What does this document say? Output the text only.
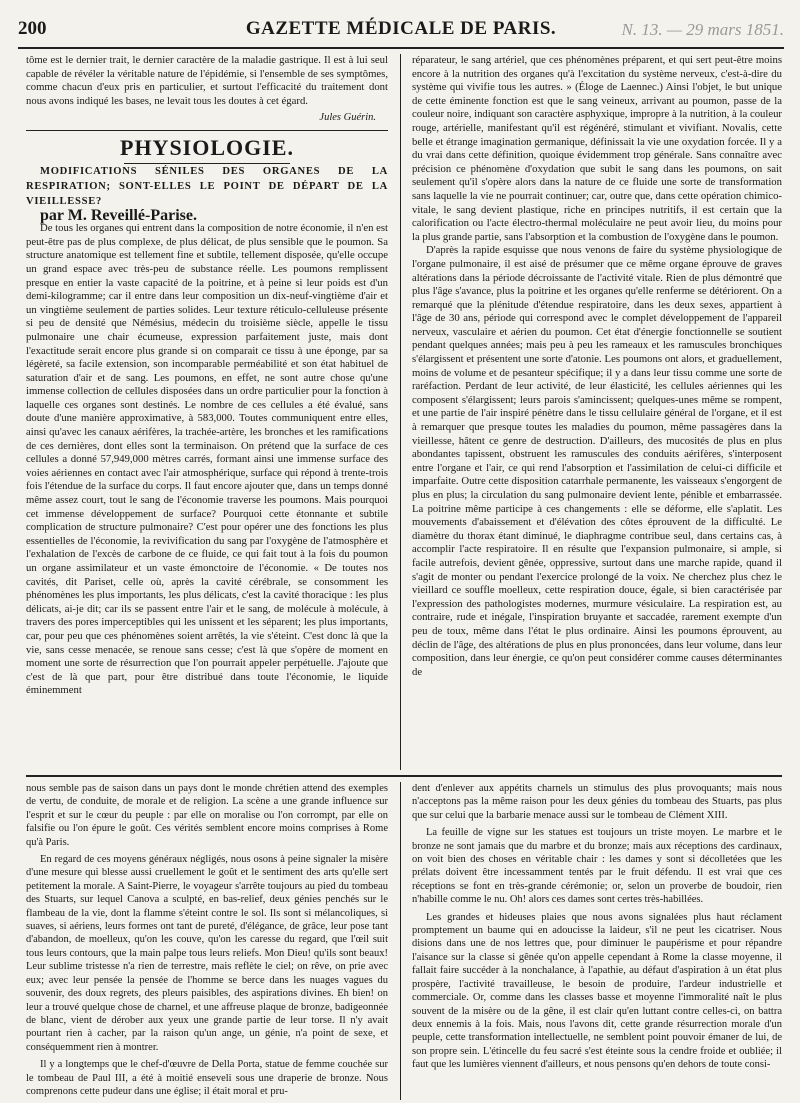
200	GAZETTE MÉDICALE DE PARIS.	N. 13. — 29 mars 1851.

tôme est le dernier trait, le dernier caractère de la maladie gastrique. Il est à lui seul capable de révéler la véritable nature de l'épidémie, si l'ensemble de ses symptômes, comme chacun d'eux pris en particulier, et surtout l'efficacité du traitement dont nous avons indiqué les bases, ne levait tous les doutes à cet égard.

Jules Guérin.
PHYSIOLOGIE.

MODIFICATIONS SÉNILES DES ORGANES DE LA RESPIRATION; SONT-ELLES LE POINT DE DÉPART DE LA VIEILLESSE?

par M. Reveillé-Parise.

De tous les organes qui entrent dans la composition de notre économie, il n'en est peut-être pas de plus complexe, de plus délicat, de plus sensible que le poumon. Sa structure anatomique est tellement fine et subtile, tellement disposée, qu'elle occupe un grand espace avec très-peu de substance réelle. Les poumons remplissent presque en entier la vaste capacité de la poitrine, et à peine si leur poids est d'un demi-kilogramme; car il entre dans leur composition un dix-neuf-vingtième d'air et un vingtième seulement de parties solides. Leur texture réticulo-celluleuse présente si peu de densité que Némésius, médecin du troisième siècle, appelle le tissu pulmonaire une chair écumeuse, expression parfaitement juste, mais dont l'exactitude serait encore plus grande si on comparait ce tissu à une éponge, par sa légèreté, sa facile extension, son incomparable perméabilité et son état habituel de saturation d'air et de sang. Les poumons, en effet, ne sont autre chose qu'une immense collection de cellules disposées dans un ordre particulier pour la fonction à laquelle ces organes sont destinés. Le nombre de ces cellules a été évalué, sans doute d'une manière approximative, à 583,000. Toutes communiquent entre elles, ainsi qu'avec les canaux aérifères, la trachée-artère, les bronches et les ramifications de ces dernières, dont elles sont la terminaison. On prétend que la surface de ces cellules a donné 57,949,000 mètres carrés, formant ainsi une immense surface des voies aériennes en contact avec l'air atmosphérique, surface qui répond à trente-trois fois l'étendue de la surface du corps. Il faut encore ajouter que, dans un temps donné même assez court, tout le sang de l'économie traverse les poumons. Mais pourquoi cet immense développement de surface? Pourquoi cette étonnante et subtile complication de structure pulmonaire? C'est pour opérer une des fonctions les plus essentielles de l'économie, la revivification du sang par l'oxygène de l'atmosphère et l'exhalation de l'excès de carbone de ce fluide, ce qui fait tout à la fois du poumon un organe assimilateur et un vaste émonctoire de l'économie. « De toutes nos cavités, dit Pariset, celle où, après la cavité cérébrale, se consomment les phénomènes les plus importants, les plus délicats, c'est la cavité thoracique : les plus délicats, ai-je dit; car ils se passent entre l'air et le sang, de molécule à molécule, à travers des pores imperceptibles qui les unissent et les séparent; les plus importants, car, pour peu que ces phénomènes soient arrêtés, la vie s'éteint. C'est donc là que la vie, sans cesse menacée, se renoue sans cesse; c'est là que s'opère de moment en moment une sorte de résurrection que l'on pourrait appeler perpétuelle. J'ajoute que c'est de là que part, pour être distribué dans toute l'économie, le liquide éminemment

réparateur, le sang artériel, que ces phénomènes préparent, et qui sert peut-être moins encore à la nutrition des organes qu'à l'excitation du système nerveux, c'est-à-dire du système qui vivifie tous les autres. » (Éloge de Laennec.) Ainsi l'objet, le but unique de cette éminente fonction est que le sang veineux, arrivant au poumon, passe de la couleur noire, indiquant son caractère asphyxique, impropre à la nutrition, à la couleur rouge, artérielle, manifestant qu'il est régénéré, stimulant et vivifiant. Novalis, cette belle et étrange imagination germanique, définissait la vie une oxydation forcée. Il y a du vrai dans cette définition, quoique évidemment trop générale. Sans connaître avec précision ce phénomène d'oxydation que subit le sang dans les poumons, on sait seulement qu'il s'opère alors dans la nature de ce fluide une sorte de transformation sans laquelle la vie ne pourrait continuer; car, outre que, dans cette opération chimico-vitale, le sang devient plastique, riche en principes nutritifs, il est certain que la calorification ou l'acte électro-thermal moléculaire ne peut avoir lieu, du moins pour la plus grande partie, sans l'absorption et la combustion de l'oxygène dans le poumon.

D'après la rapide esquisse que nous venons de faire du système physiologique de l'organe pulmonaire, il est aisé de présumer que ce même organe éprouve de graves altérations dans la période décroissante de l'activité vitale. Rien de plus démontré que plus l'âge s'avance, plus la poitrine et les organes qu'elle renferme se détériorent. On a remarqué que la plénitude d'étendue respiratoire, dans les deux sexes, appartient à l'âge de 30 ans, période qui correspond avec le complet développement de l'appareil nerveux, vasculaire et aérien du poumon. Cet état d'énergie fonctionnelle se soutient pendant quelques années; mais peu à peu les rameaux et les ramuscules bronchiques s'élargissent et présentent une sorte d'atonie. Les poumons ont alors, et graduellement, moins de volume et de pesanteur spécifique; il y a dans leur tissu comme une sorte de raréfaction. Perdant de leur activité, de leur élasticité, les cellules aériennes qui les composent s'élargissent; leurs parois s'amincissent; quelques-unes même se rompent, et une partie de l'air inspiré pénètre dans le tissu cellulaire général de l'organe, et il est à remarquer que presque toutes les maladies du poumon, même passagères dans la vieillesse, hâtent ce genre de destruction. D'ailleurs, des mucosités de plus en plus abondantes tapissent, obstruent les ramuscules des conduits aérifères, s'interposent entre l'organe et l'air, ce qui rend l'absorption et l'assimilation de celui-ci difficile et imparfaite. Outre cette disposition catarrhale permanente, les vaisseaux s'engorgent de plus en plus; la circulation du sang pulmonaire devient lente, pénible et embarrassée. La poitrine même participe à ces changements : elle se déforme, elle s'aplatit. Les mouvements d'abaissement et d'élévation des côtes éprouvent de la difficulté. Le diamètre du thorax étant diminué, le diaphragme contribue seul, dans certains cas, à accomplir l'acte respiratoire. Il en résulte que l'expansion pulmonaire, si ample, si facile autrefois, devient gênée, oppressive, surtout dans une marche rapide, quand il s'agit de monter ou pendant l'exercice prolongé de la voix. Ne cherchez plus chez le vieillard ce souffle moelleux, cette respiration douce, égale, si bien caractérisée par l'expression des pathologistes modernes, murmure vésiculaire. La respiration est, au contraire, rude et inégale, l'inspiration bruyante et saccadée, rarement exempte d'un peu de toux, même dans l'état le plus ordinaire. Ainsi les poumons éprouvent, au déclin de l'âge, des altérations de plus en plus prononcées, dans leur volume, dans leur composition, dans leur énergie, ce qu'on peut considérer comme causes déterminantes de

nous semble pas de saison dans un pays dont le monde chrétien attend des exemples de vertu, de conduite, de morale et de religion. La scène a une grande influence sur l'esprit et sur le cœur du peuple : par elle on moralise ou l'on corrompt, par elle on falsifie ou l'on épure le goût. Ces vérités semblent encore moins comprises à Rome qu'à Paris.

En regard de ces moyens généraux négligés, nous osons à peine signaler la misère d'une mesure qui blesse aussi cruellement le goût et le sentiment des arts qu'elle sert petitement la morale. A Saint-Pierre, le voyageur s'arrête toujours au pied du tombeau des Stuarts, sur lequel Canova a sculpté, en bas-relief, deux génies penchés sur le flambeau de la vie, dont la flamme s'éteint contre le sol. Ils sont si mélancoliques, si suaves, si aériens, leurs formes ont tant de pureté, d'élégance, de grâce, leur pose tant d'abandon, de moelleux, qu'on les couve, qu'on les caresse du regard, que l'œil suit tous leurs contours, que la main palpe tous leurs reliefs. Mon Dieu! qu'ils sont beaux! Leur sublime tristesse n'a rien de terrestre, mais reflète le ciel; on rêve, on prie avec eux; avec leur pensée la pensée de l'homme se berce dans les nuages vagues du souvenir, des doux regrets, des pleurs paisibles, des aspirations divines. Eh bien! on leur a trouvé quelque chose de charnel, et une affreuse plaque de bronze, badigeonnée de blanc, vient de dérober aux yeux une grande partie de leur torse. Il n'y avait pourtant rien à cacher, par la raison qu'un ange, un génie, n'a point de sexe, et conséquemment rien à montrer.

Il y a longtemps que le chef-d'œuvre de Della Porta, statue de femme couchée sur le tombeau de Paul III, a été à moitié enseveli sous une draperie de bronze. Nous comprenons cette pudeur dans une église; il était moral et pru-

dent d'enlever aux appétits charnels un stimulus des plus provoquants; mais nous n'acceptons pas la même raison pour les deux génies du tombeau des Stuarts, pas plus que sur celui que la barbarie menace aussi sur le tombeau de Clément XIII.

La feuille de vigne sur les statues est toujours un triste moyen. Le marbre et le bronze ne sont jamais que du marbre et du bronze; mais aux réceptions des cardinaux, on voit bien des choses en véritable chair : les dames y sont si décolletées que les prélats doivent être incessamment tentés par le fruit défendu. Il est vrai que ces réceptions se font en très-grande cérémonie; or, selon un proverbe de boudoir, rien n'habille comme le nu. Oh! alors ces dames sont certes très-habillées.

Les grandes et hideuses plaies que nous avons signalées plus haut réclament promptement un baume qui en adoucisse la laideur, s'il ne peut les cicatriser. Nous disions dans une de nos lettres que, pour diminuer le paupérisme et pour répandre l'aisance sur la classe si gênée qu'on appelle cependant à Rome la classe moyenne, il fallait faire succéder à la nonchalance, à l'apathie, au défaut d'aspiration à un état plus prospère, l'activité travailleuse, le besoin de produire, l'ardeur industrielle et commerciale. Or, comme dans les classes basse et moyenne l'immoralité naît le plus souvent de la misère ou de la gêne, il est clair qu'en luttant contre celles-ci, on battra deux ennemis à la fois. Mais, nous l'avons dit, cette grande résurrection morale d'un peuple, cette transformation intellectuelle, ne semblent point pouvoir émaner de lui, de son propre sein. L'étincelle du feu sacré s'est éteinte sous la cendre froide et oubliée; il faut que les lumières viennent d'ailleurs, et nous pensons qu'en dehors de toute consi-
